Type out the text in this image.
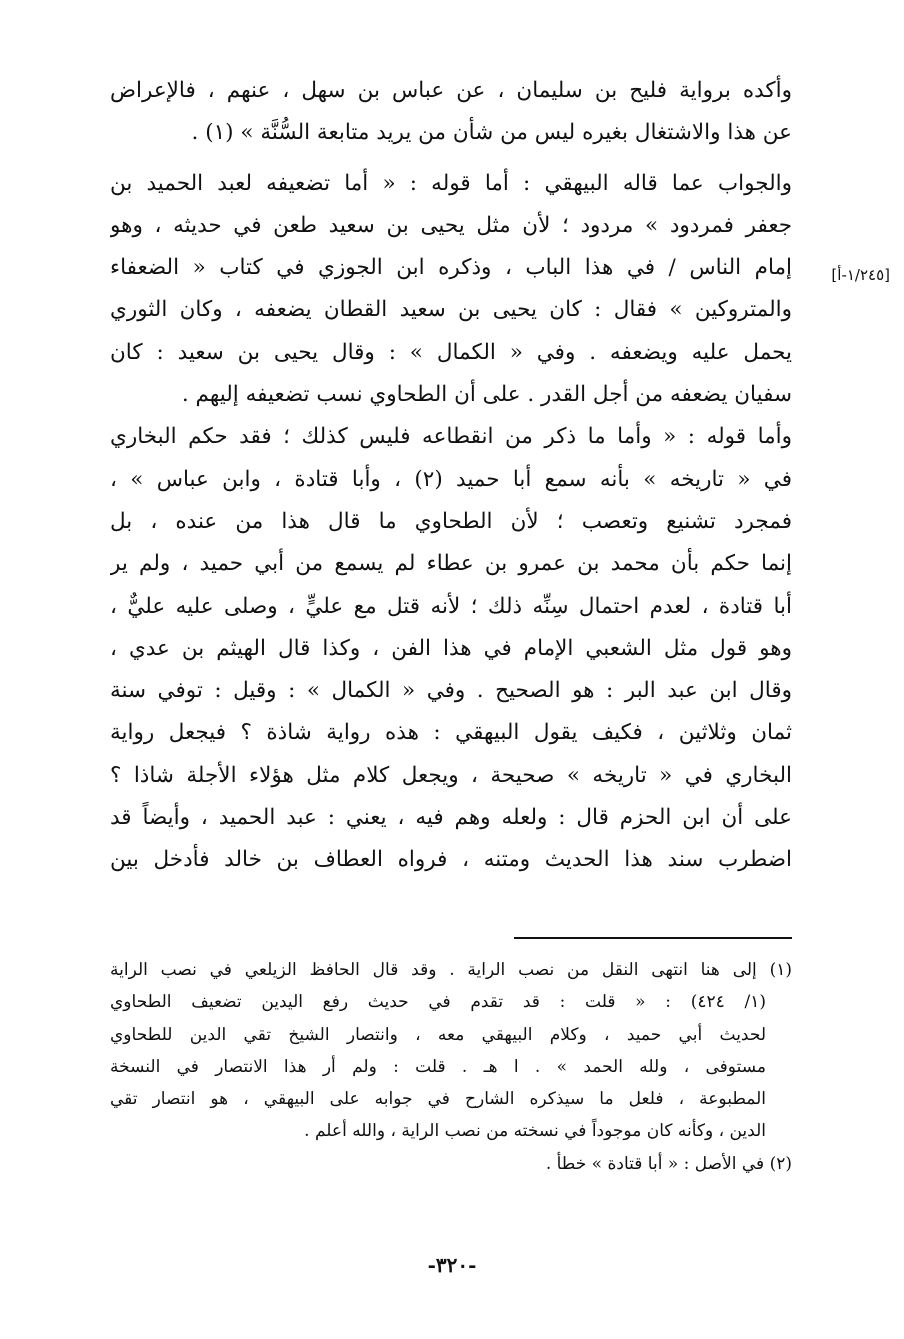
وأكده برواية فليح بن سليمان ، عن عباس بن سهل ، عنهم ، فالإعراض
عن هذا والاشتغال بغيره ليس من شأن من يريد متابعة السُّنَّة » (١) .
والجواب عما قاله البيهقي : أما قوله : « أما تضعيفه لعبد الحميد بن
جعفر فمردود » مردود ؛ لأن مثل يحيى بن سعيد طعن في حديثه ، وهو
إمام الناس / في هذا الباب ، وذكره ابن الجوزي في كتاب « الضعفاء
والمتروكين » فقال : كان يحيى بن سعيد القطان يضعفه ، وكان الثوري
يحمل عليه ويضعفه . وفي « الكمال » : وقال يحيى بن سعيد : كان
سفيان يضعفه من أجل القدر . على أن الطحاوي نسب تضعيفه إليهم .
وأما قوله : « وأما ما ذكر من انقطاعه فليس كذلك ؛ فقد حكم البخاري
في « تاريخه » بأنه سمع أبا حميد (٢) ، وأبا قتادة ، وابن عباس » ،
فمجرد تشنيع وتعصب ؛ لأن الطحاوي ما قال هذا من عنده ، بل
إنما حكم بأن محمد بن عمرو بن عطاء لم يسمع من أبي حميد ، ولم ير
أبا قتادة ، لعدم احتمال سِنِّه ذلك ؛ لأنه قتل مع عليٍّ ، وصلى عليه عليٌّ ،
وهو قول مثل الشعبي الإمام في هذا الفن ، وكذا قال الهيثم بن عدي ،
وقال ابن عبد البر : هو الصحيح . وفي « الكمال » : وقيل : توفي سنة
ثمان وثلاثين ، فكيف يقول البيهقي : هذه رواية شاذة ؟ فيجعل رواية
البخاري في « تاريخه » صحيحة ، ويجعل كلام مثل هؤلاء الأجلة شاذا ؟
على أن ابن الحزم قال : ولعله وهم فيه ، يعني : عبد الحميد ، وأيضاً قد
اضطرب سند هذا الحديث ومتنه ، فرواه العطاف بن خالد فأدخل بين
[١/٢٤٥-أ]
(١) إلى هنا انتهى النقل من نصب الراية . وقد قال الحافظ الزيلعي في نصب الراية
(١/ ٤٢٤) : « قلت : قد تقدم في حديث رفع اليدين تضعيف الطحاوي
لحديث أبي حميد ، وكلام البيهقي معه ، وانتصار الشيخ تقي الدين للطحاوي
مستوفى ، ولله الحمد » . ا هـ . قلت : ولم أر هذا الانتصار في النسخة
المطبوعة ، فلعل ما سيذكره الشارح في جوابه على البيهقي ، هو انتصار تقي
الدين ، وكأنه كان موجوداً في نسخته من نصب الراية ، والله أعلم .
(٢) في الأصل : « أبا قتادة » خطأ .
-٣٢٠-
